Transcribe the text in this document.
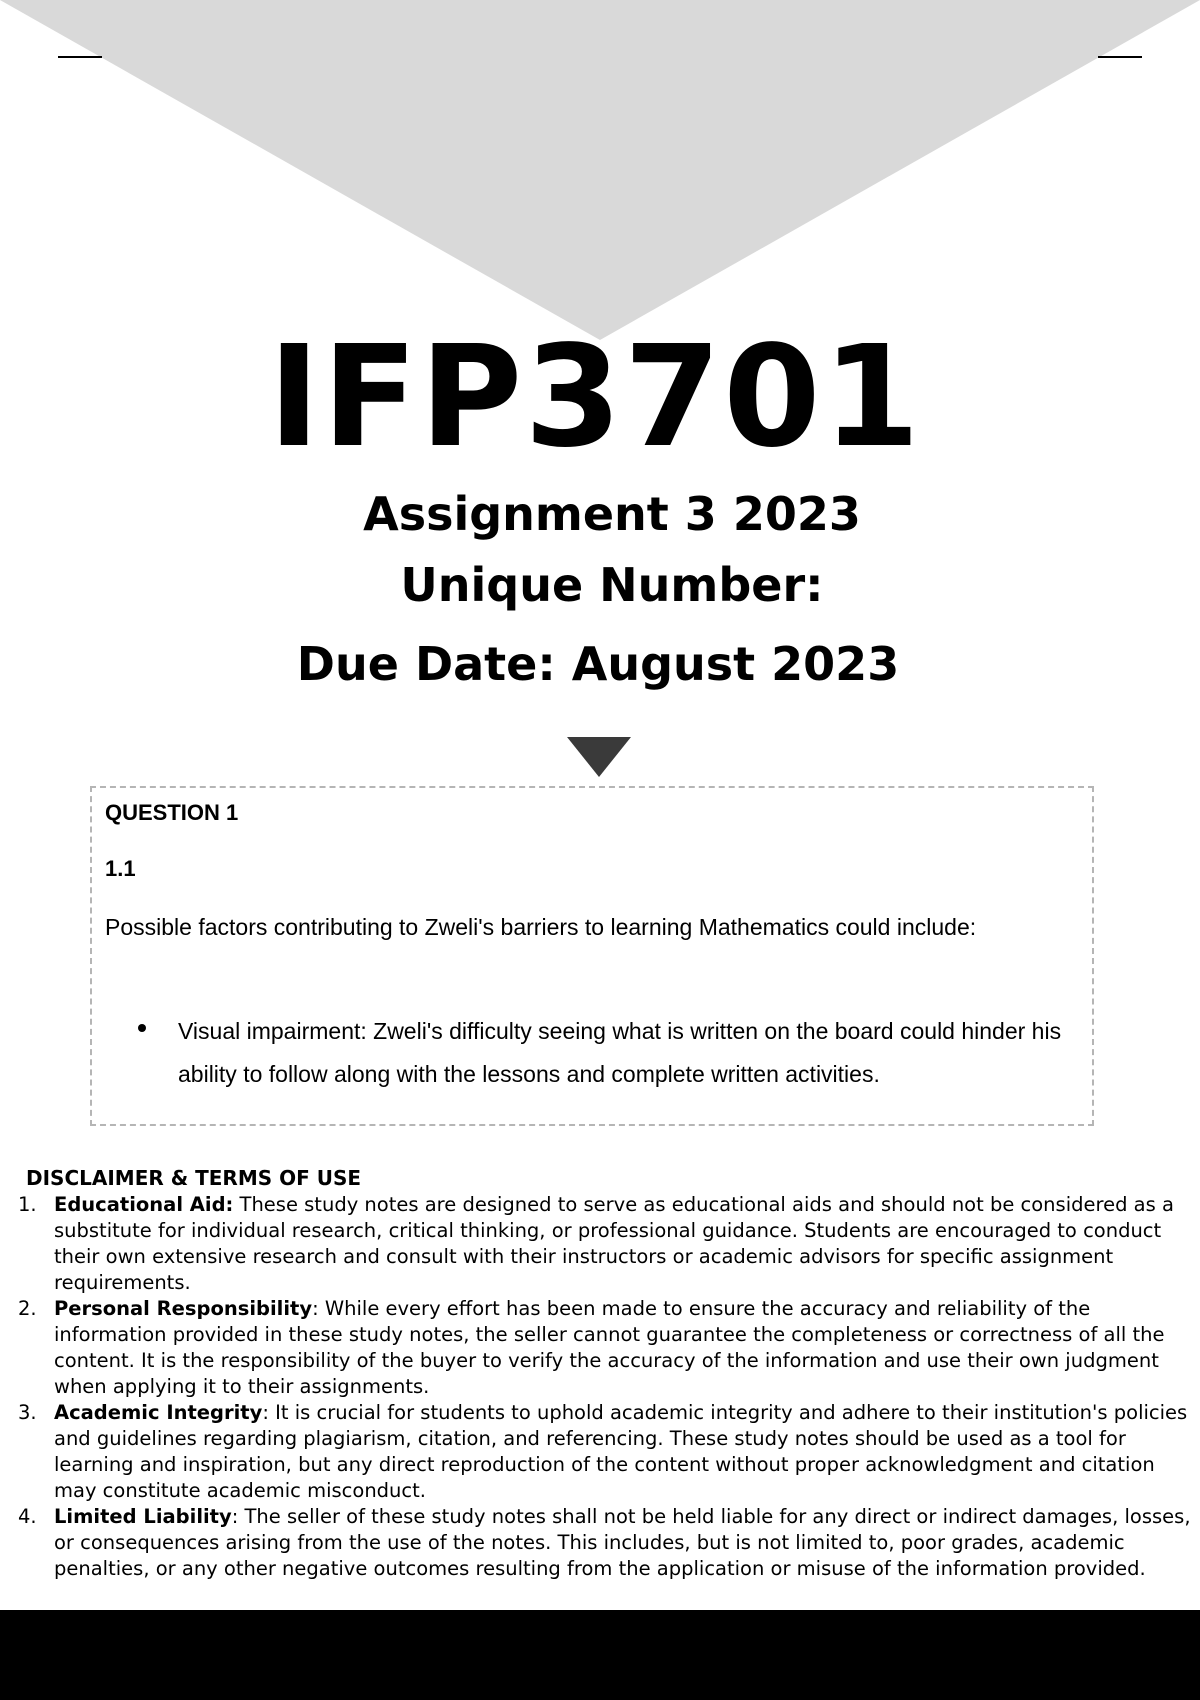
IFP3701
Assignment 3 2023
Unique Number:
Due Date: August 2023
QUESTION 1
1.1
Possible factors contributing to Zweli's barriers to learning Mathematics could include:
Visual impairment: Zweli's difficulty seeing what is written on the board could hinder his ability to follow along with the lessons and complete written activities.
DISCLAIMER & TERMS OF USE
1. Educational Aid: These study notes are designed to serve as educational aids and should not be considered as a substitute for individual research, critical thinking, or professional guidance. Students are encouraged to conduct their own extensive research and consult with their instructors or academic advisors for specific assignment requirements.
2. Personal Responsibility: While every effort has been made to ensure the accuracy and reliability of the information provided in these study notes, the seller cannot guarantee the completeness or correctness of all the content. It is the responsibility of the buyer to verify the accuracy of the information and use their own judgment when applying it to their assignments.
3. Academic Integrity: It is crucial for students to uphold academic integrity and adhere to their institution's policies and guidelines regarding plagiarism, citation, and referencing. These study notes should be used as a tool for learning and inspiration, but any direct reproduction of the content without proper acknowledgment and citation may constitute academic misconduct.
4. Limited Liability: The seller of these study notes shall not be held liable for any direct or indirect damages, losses, or consequences arising from the use of the notes. This includes, but is not limited to, poor grades, academic penalties, or any other negative outcomes resulting from the application or misuse of the information provided.
